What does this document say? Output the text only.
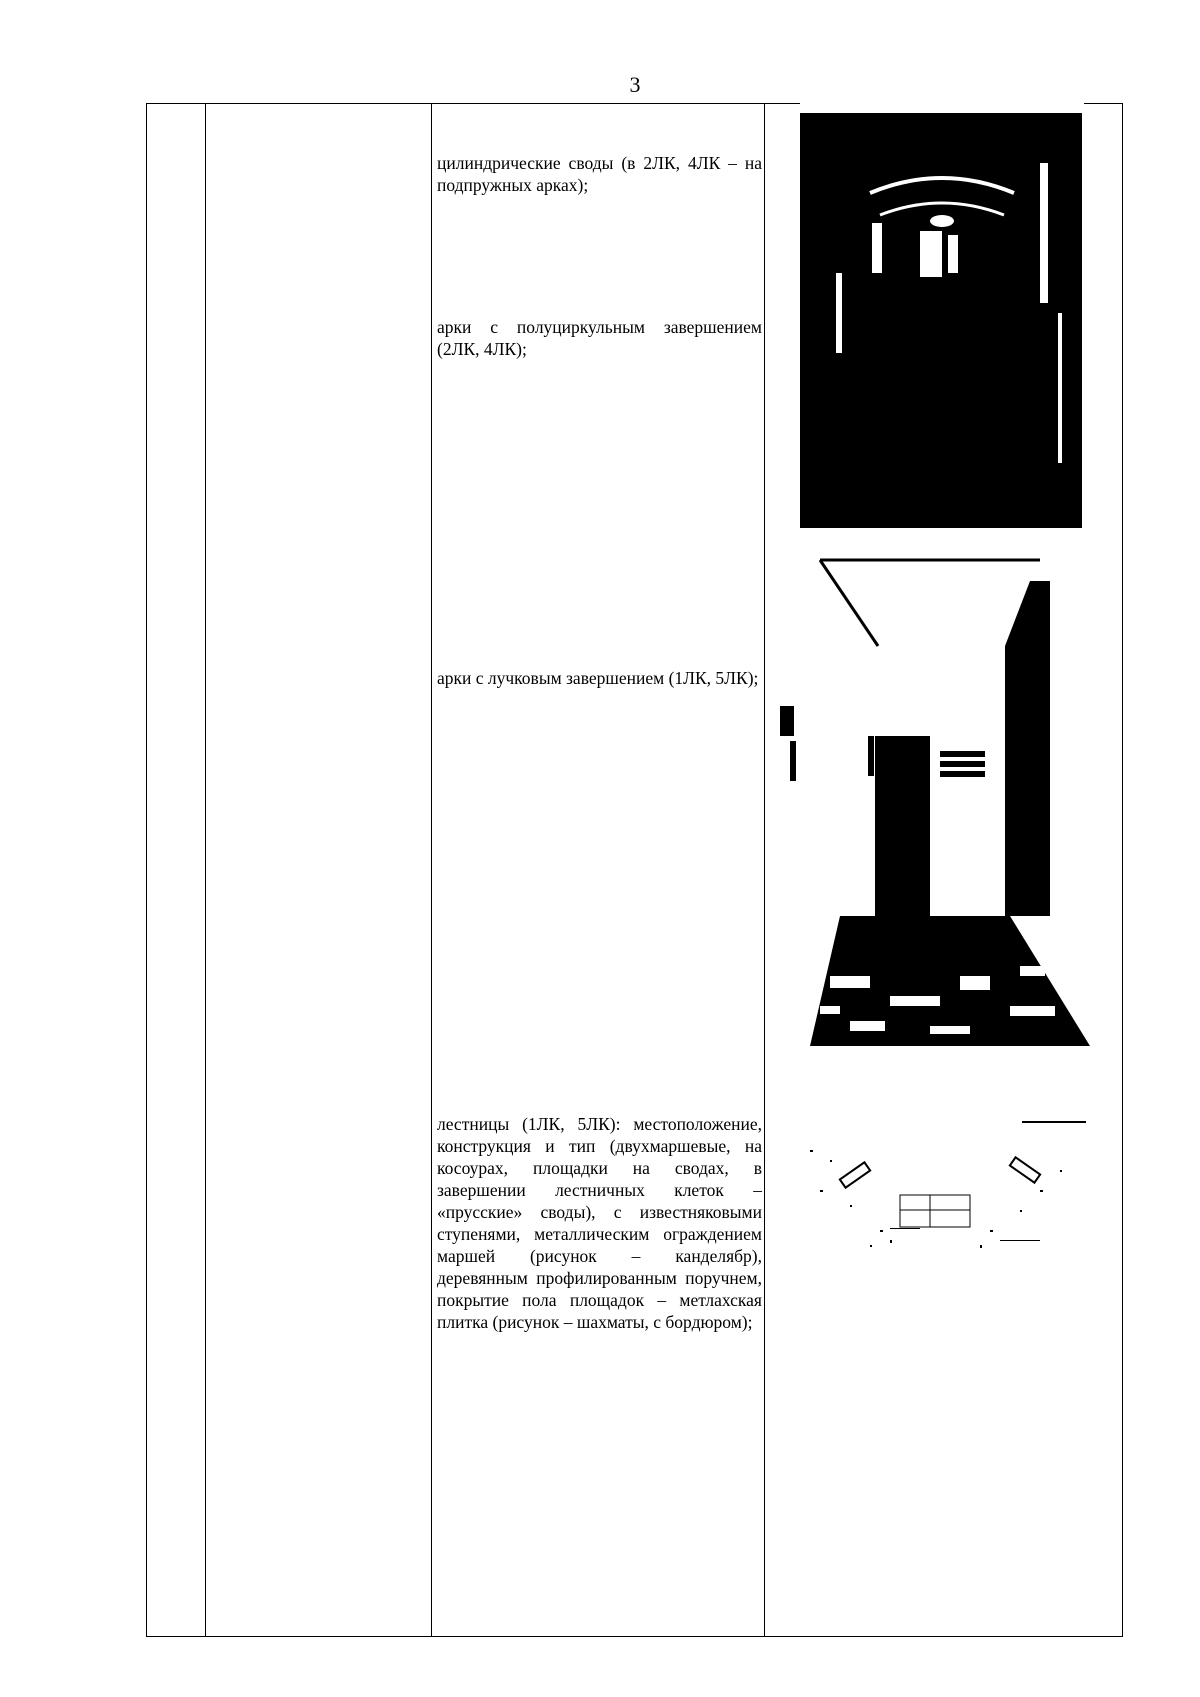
3
цилиндрические своды (в 2ЛК, 4ЛК – на подпружных арках);
арки с полуциркульным завершением (2ЛК, 4ЛК);
арки с лучковым завершением (1ЛК, 5ЛК);
лестницы (1ЛК, 5ЛК): местоположение, конструкция и тип (двухмаршевые, на косоурах, площадки на сводах, в завершении лестничных клеток – «прусские» своды), с известняковыми ступенями, металлическим ограждением маршей (рисунок – канделябр), деревянным профилированным поручнем, покрытие пола площадок – метлахская плитка (рисунок – шахматы, с бордюром);
